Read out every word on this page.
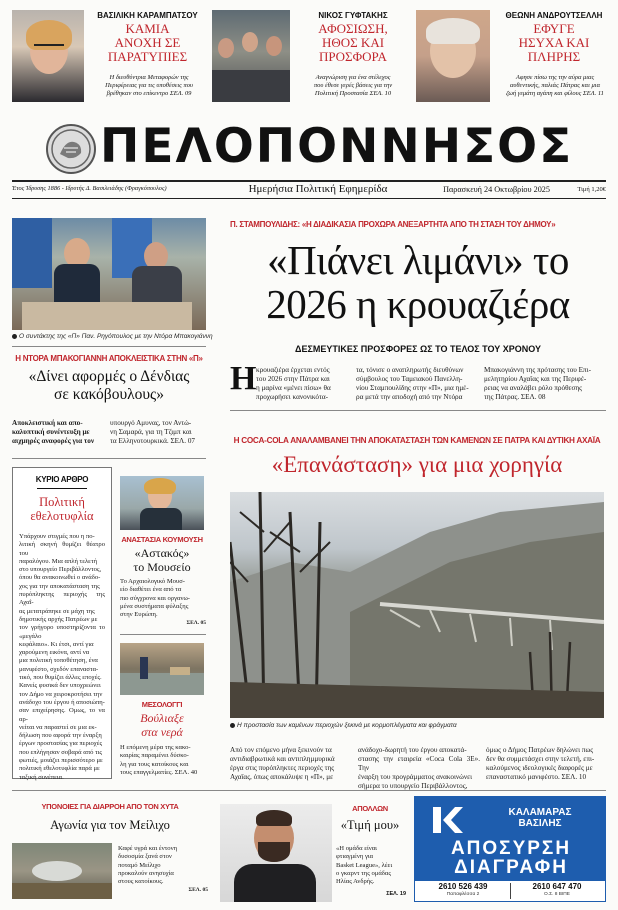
ΒΑΣΙΛΙΚΗ ΚΑΡΑΜΠΑΤΣΟΥ
ΚΑΜΙΑ
ΑΝΟΧΗ ΣΕ
ΠΑΡΑΤΥΠΙΕΣ
Η διευθύντρια Μεταφορών της
Περιφέρειας για τις υποθέσεις που
βρέθηκαν στο επίκεντρο ΣΕΛ. 09
ΝΙΚΟΣ ΓΥΦΤΑΚΗΣ
ΑΦΟΣΙΩΣΗ,
ΗΘΟΣ ΚΑΙ
ΠΡΟΣΦΟΡΑ
Αναγνώριση για ένα στέλεχος
που έθεσε γερές βάσεις για την
Πολιτική Προστασία ΣΕΛ. 10
ΘΕΩΝΗ ΑΝΔΡΟΥΤΣΕΛΛΗ
ΕΦΥΓΕ
ΗΣΥΧΑ ΚΑΙ
ΠΛΗΡΗΣ
Αφησε πίσω της την αύρα μιας
αυθεντικής, παλιάς Πάτρας και μια
ζωή γεμάτη αγάπη και φίλους ΣΕΛ. 11
ΠΕΛΟΠΟΝΝΗΣΟΣ
Έτος Ίδρυσης 1886 - Ιδρυτής Δ. Βασιλειάδης (Φραγκόπουλος)	Ημερήσια Πολιτική Εφημερίδα	Παρασκευή 24 Οκτωβρίου 2025	Τιμή 1,20€
Ο συντάκτης της «Π» Παν. Ρηγόπουλος με την Ντόρα Μπακογιάννη
Η ΝΤΟΡΑ ΜΠΑΚΟΓΙΑΝΝΗ ΑΠΟΚΛΕΙΣΤΙΚΑ ΣΤΗΝ «Π»
«Δίνει αφορμές ο Δένδιας
σε κακόβουλους»
Αποκλειστική και απο-
καλυπτική συνέντευξη με
αιχμηρές αναφορές για τον
υπουργό Αμυνας, τον Αντώ-
νη Σαμαρά, για τη Τζιμπ και
τα Ελληνοτουρκικά. ΣΕΛ. 07
ΚΥΡΙΟ ΑΡΘΡΟ
Πολιτική
εθελοτυφλία
Υπάρχουν στιγμές που η πο-
λιτική σκηνή θυμίζει θέατρο του
παραλόγου. Μια απλή τελετή
στο υπουργείο Περιβάλλοντος,
όπου θα ανακοινωθεί ο ανάδο-
χος για την αποκατάσταση της
πυρόπληκτης περιοχής της Αχαΐ-
ας μετατράπηκε σε μάχη της
δημοτικής αρχής Πατρέων με
τον γρήγορο υποστηρίζοντα το «μεγάλο
κεφάλαιο». Κι έτσι, αντί για
χαρούμενη εικόνα, αντί να
μια πολιτική τοποθέτηση, ένα
μανιφέστο, σχεδόν επαναστα-
τικό, που θυμίζει άλλες εποχές.
Κανείς φυσικά δεν υποχρεώνει
τον Δήμο να χειροκροτήσει την
ανάδοχο του έργου ή αποσιώπη-
σαν επιχείρησης. Ομως, το να αρ-
νείται να παραστεί σε μια εκ-
δήλωση που αφορά την έναρξη
έργων προστασίας για περιοχές
που επλήγησαν σοβαρά από τις
φωτιές, μοιάζει περισσότερο με
πολιτική εθελοτυφλία παρά με
ταξική συνέπεια.
ΑΝΑΣΤΑΣΙΑ ΚΟΥΜΟΥΣΗ
«Αστακός»
το Μουσείο
Το Αρχαιολογικό Μουσ-
είο διαθέτει ένα από τα
πιο σύγχρονα και οργανω-
μένα συστήματα φύλαξης
στην Ευρώπη.
ΣΕΛ. 05
ΜΕΣΟΛΟΓΓΙ
Βούλιαξε
στα νερά
Η επόμενη μέρα της κακο-
καιρίας παραμένει δύσκο-
λη για τους κατοίκους και
τους επαγγελματίες. ΣΕΛ. 40
Π. ΣΤΑΜΠΟΥΛΙΔΗΣ: «Η ΔΙΑΔΙΚΑΣΙΑ ΠΡΟΧΩΡΑ ΑΝΕΞΑΡΤΗΤΑ ΑΠΟ ΤΗ ΣΤΑΣΗ ΤΟΥ ΔΗΜΟΥ»
«Πιάνει λιμάνι» το
2026 η κρουαζιέρα
ΔΕΣΜΕΥΤΙΚΕΣ ΠΡΟΣΦΟΡΕΣ ΩΣ ΤΟ ΤΕΛΟΣ ΤΟΥ ΧΡΟΝΟΥ
Η κρουαζιέρα έρχεται εντός
του 2026 στην Πάτρα και
η μαρίνα «μένει πίσω» θα
προχωρήσει κανονικότα-
τα, τόνισε ο αναπληρωτής διευθύνων
σύμβουλος του Ταμειακού Πανελλη-
νίου Σταμπουλίδης στην «Π», μια ημέ-
ρα μετά την αποδοχή από την Ντόρα
Μπακογιάννη της πρότασης του Επι-
μελητηρίου Αχαΐας και της Περιφέ-
ρειας να αναλάβει ρόλο πρόθεσης
της Πάτρας. ΣΕΛ. 08
Η COCA-COLA ΑΝΑΛΑΜΒΑΝΕΙ ΤΗΝ ΑΠΟΚΑΤΑΣΤΑΣΗ ΤΩΝ ΚΑΜΕΝΩΝ ΣΕ ΠΑΤΡΑ ΚΑΙ ΔΥΤΙΚΗ ΑΧΑΪΑ
«Επανάσταση» για μια χορηγία
Η προστασία των καμένων περιοχών ξεκινά με κορμοπλέγματα και φράγματα
Από τον επόμενο μήνα ξεκινούν τα
αντιδιαβρωτικά και αντιπλημμυρικά
έργα στις πυρόπληκτες περιοχές της
Αχαΐας, όπως αποκάλυψε η «Π», με
ανάδοχο-δωρητή του έργου αποκατά-
στασης την εταιρεία «Coca Cola 3E». Την
έναρξη του προγράμματος ανακοινώνει
σήμερα το υπουργείο Περιβάλλοντος,
όμως ο Δήμος Πατρέων δηλώνει πως
δεν θα συμμετάσχει στην τελετή, επι-
καλούμενος ιδεολογικές διαφορές με
επαναστατικό μανιφέστο. ΣΕΛ. 10
ΥΠΟΝΟΙΕΣ ΓΙΑ ΔΙΑΡΡΟΗ ΑΠΟ ΤΟΝ ΧΥΤΑ
Αγωνία για τον Μείλιχο
Καφέ υγρά και έντονη
δυσοσμία ξανά στον
ποταμό Μείλιχο
προκαλούν ανησυχία
στους κατοίκους.
ΣΕΛ. 05
ΑΠΟΛΛΩΝ
«Τιμή μου»
«Η ομάδα είναι
φτιαγμένη για
Basket League», λέει
ο γκαρντ της ομάδας
Ηλίας Ανδρής.
ΣΕΛ. 19
ΚΑΛΑΜΑΡΑΣ
ΒΑΣΙΛΗΣ
ΑΠΟΣΥΡΣΗ
ΔΙΑΓΡΑΦΗ
2610 526 439
Παπαφλέσσα 2
2610 647 470
Ο.Σ. 8 ΒΙΠΕ
